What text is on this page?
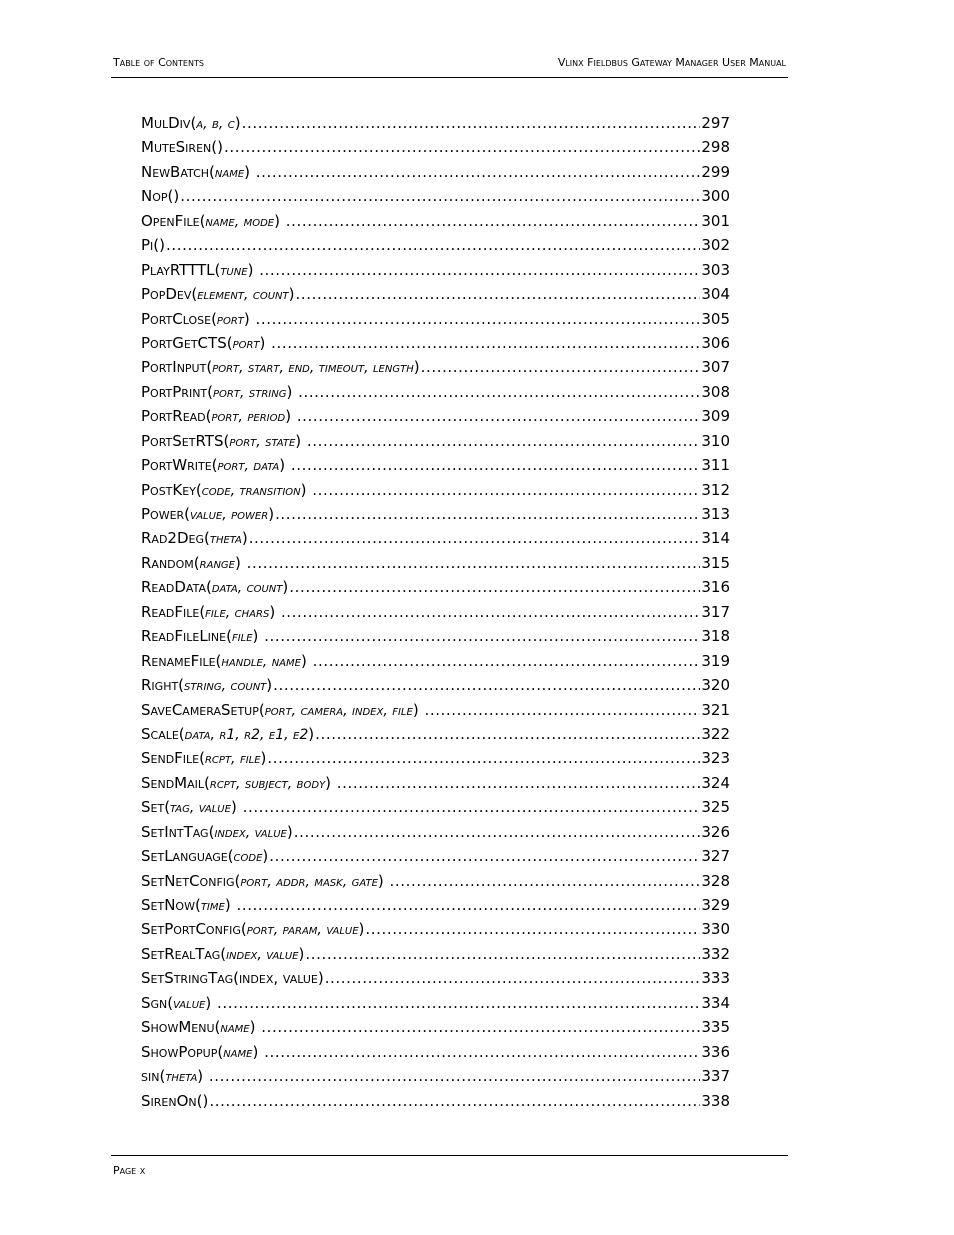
Table of Contents	Vlinx Fieldbus Gateway Manager User Manual
MulDiv( a, b, c ) .....	297
MuteSiren() .....	298
NewBatch( name ) .....	299
Nop() .....	300
OpenFile( name, mode ) .....	301
Pi() .....	302
PlayRTTTL( tune ) .....	303
PopDev( element, count ) .....	304
PortClose( port ) .....	305
PortGetCTS( port ) .....	306
PortInput( port, start, end, timeout, length ) .....	307
PortPrint( port, string ) .....	308
PortRead( port, period ) .....	309
PortSetRTS( port, state ) .....	310
PortWrite( port, data ) .....	311
PostKey( code, transition ) .....	312
Power( value, power ) .....	313
Rad2Deg( theta ) .....	314
Random( range ) .....	315
ReadData( data, count ) .....	316
ReadFile( file, chars ) .....	317
ReadFileLine( file ) .....	318
RenameFile( handle, name ) .....	319
Right( string, count ) .....	320
SaveCameraSetup( port, camera, index, file ) .....	321
Scale( data, r1, r2, e1, e2 ) .....	322
SendFile( rcpt, file ) .....	323
SendMail( rcpt, subject, body ) .....	324
Set( tag, value ) .....	325
SetIntTag( index, value ) .....	326
SetLanguage( code ) .....	327
SetNetConfig( port, addr, mask, gate ) .....	328
SetNow( time ) .....	329
SetPortConfig( port, param, value ) .....	330
SetRealTag( index, value ) .....	332
SetStringTag(index, value) .....	333
Sgn( value ) .....	334
ShowMenu( name ) .....	335
ShowPopup( name ) .....	336
sin( theta ) .....	337
SirenOn() .....	338
Page x
